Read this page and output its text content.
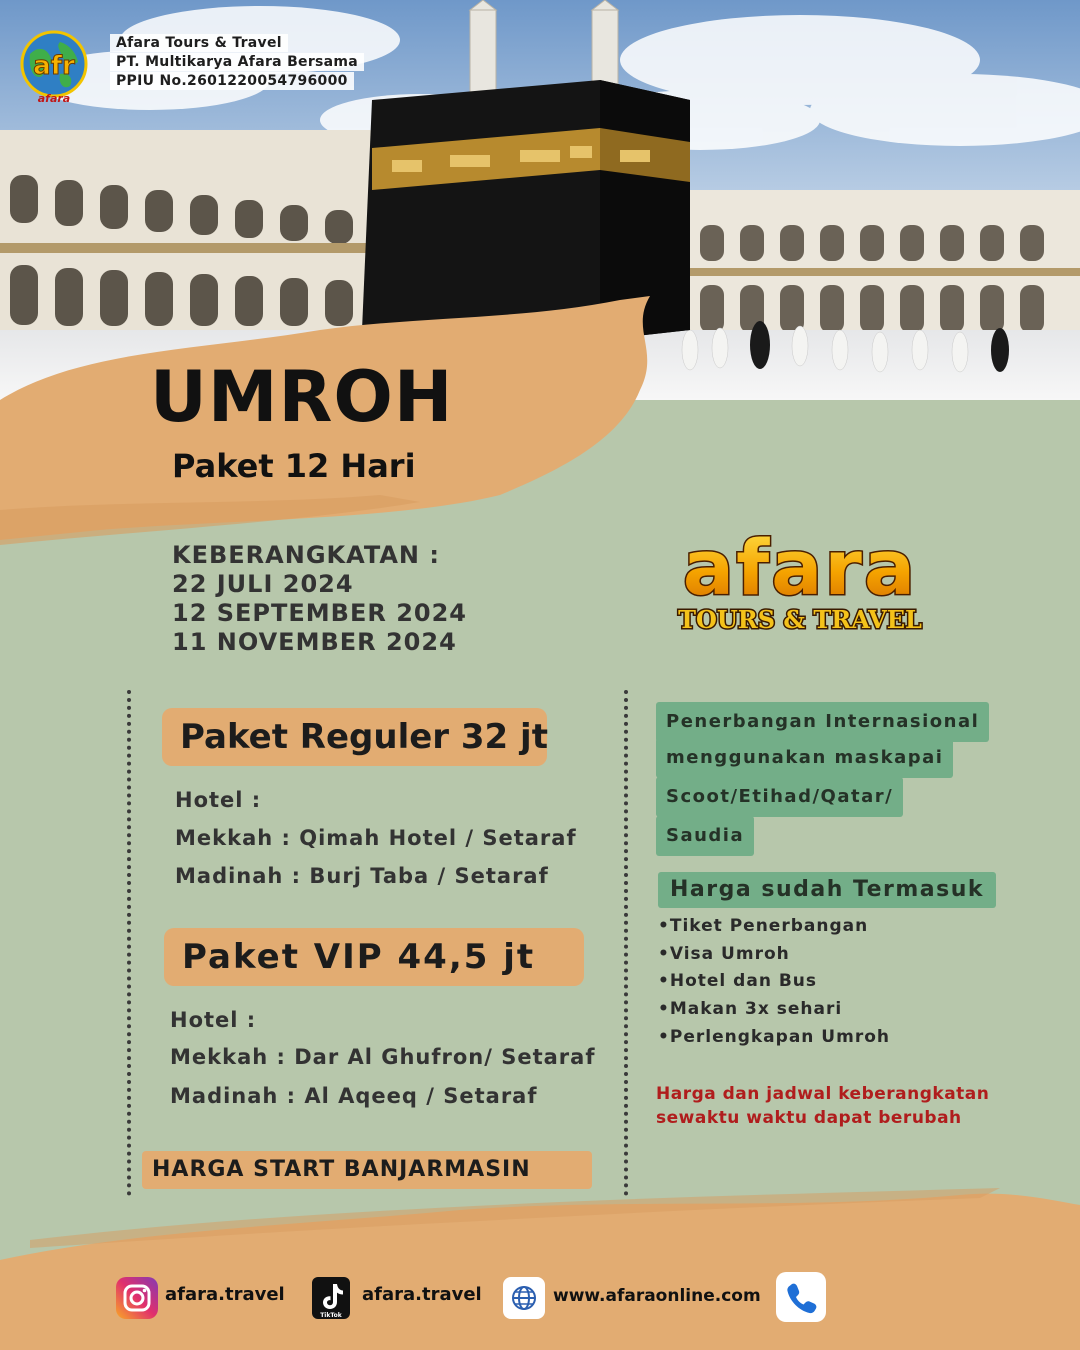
afr
afara
Afara Tours & Travel
PT. Multikarya Afara Bersama
PPIU No.2601220054796000
UMROH
Paket 12 Hari
KEBERANGKATAN :
22 JULI 2024
12 SEPTEMBER 2024
11 NOVEMBER 2024
afara
TOURS & TRAVEL
Paket Reguler 32 jt
Hotel :
Mekkah : Qimah Hotel / Setaraf
Madinah : Burj Taba / Setaraf
Paket VIP 44,5 jt
Hotel :
Mekkah : Dar Al Ghufron/ Setaraf
Madinah : Al Aqeeq / Setaraf
HARGA START BANJARMASIN
Penerbangan Internasional
menggunakan maskapai
Scoot/Etihad/Qatar/
Saudia
Harga sudah Termasuk
•Tiket Penerbangan
•Visa Umroh
•Hotel dan Bus
•Makan 3x sehari
•Perlengkapan Umroh
Harga dan jadwal keberangkatan
sewaktu waktu dapat berubah
afara.travel
TikTok
afara.travel	www.afaraonline.com
